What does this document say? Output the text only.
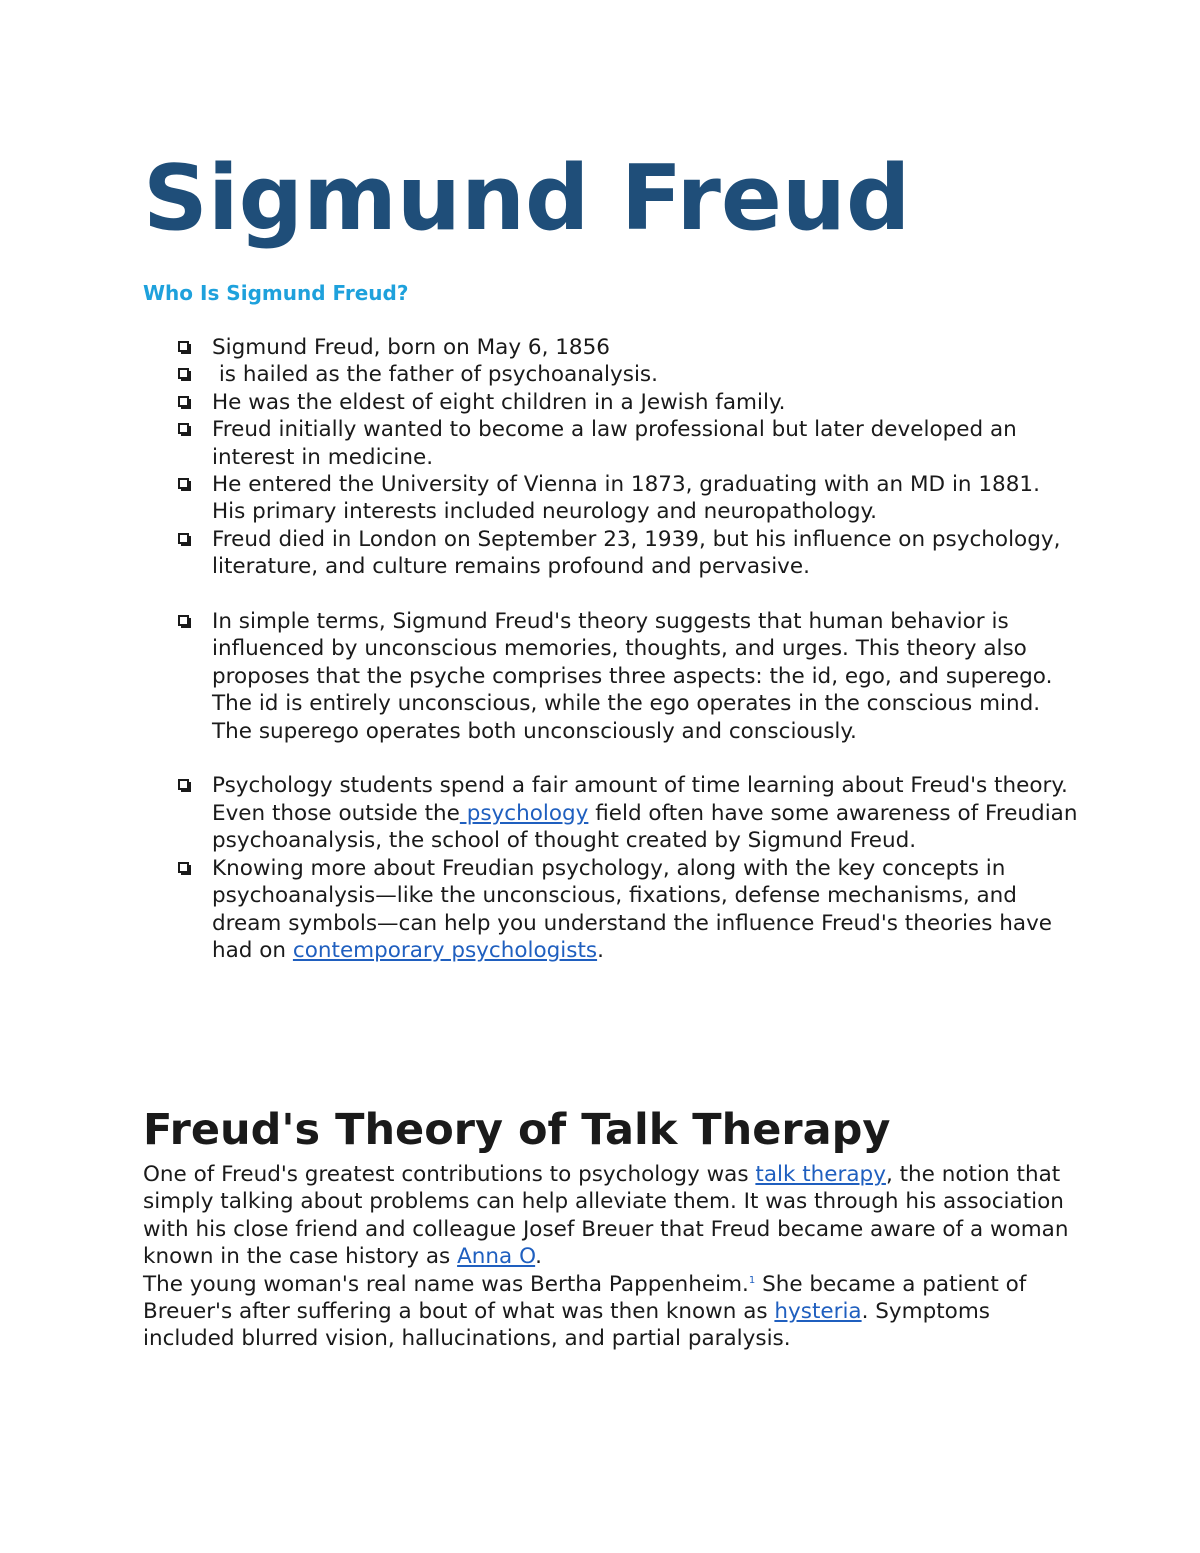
Sigmund Freud
Who Is Sigmund Freud?
Sigmund Freud, born on May 6, 1856
is hailed as the father of psychoanalysis.
He was the eldest of eight children in a Jewish family.
Freud initially wanted to become a law professional but later developed an interest in medicine.
He entered the University of Vienna in 1873, graduating with an MD in 1881. His primary interests included neurology and neuropathology.
Freud died in London on September 23, 1939, but his influence on psychology, literature, and culture remains profound and pervasive.
In simple terms, Sigmund Freud's theory suggests that human behavior is influenced by unconscious memories, thoughts, and urges. This theory also proposes that the psyche comprises three aspects: the id, ego, and superego. The id is entirely unconscious, while the ego operates in the conscious mind. The superego operates both unconsciously and consciously.
Psychology students spend a fair amount of time learning about Freud's theory. Even those outside the psychology field often have some awareness of Freudian psychoanalysis, the school of thought created by Sigmund Freud.
Knowing more about Freudian psychology, along with the key concepts in psychoanalysis—like the unconscious, fixations, defense mechanisms, and dream symbols—can help you understand the influence Freud's theories have had on contemporary psychologists.
Freud's Theory of Talk Therapy

One of Freud's greatest contributions to psychology was talk therapy, the notion that simply talking about problems can help alleviate them. It was through his association with his close friend and colleague Josef Breuer that Freud became aware of a woman known in the case history as Anna O.
The young woman's real name was Bertha Pappenheim.$^1$ She became a patient of Breuer's after suffering a bout of what was then known as hysteria. Symptoms included blurred vision, hallucinations, and partial paralysis.
